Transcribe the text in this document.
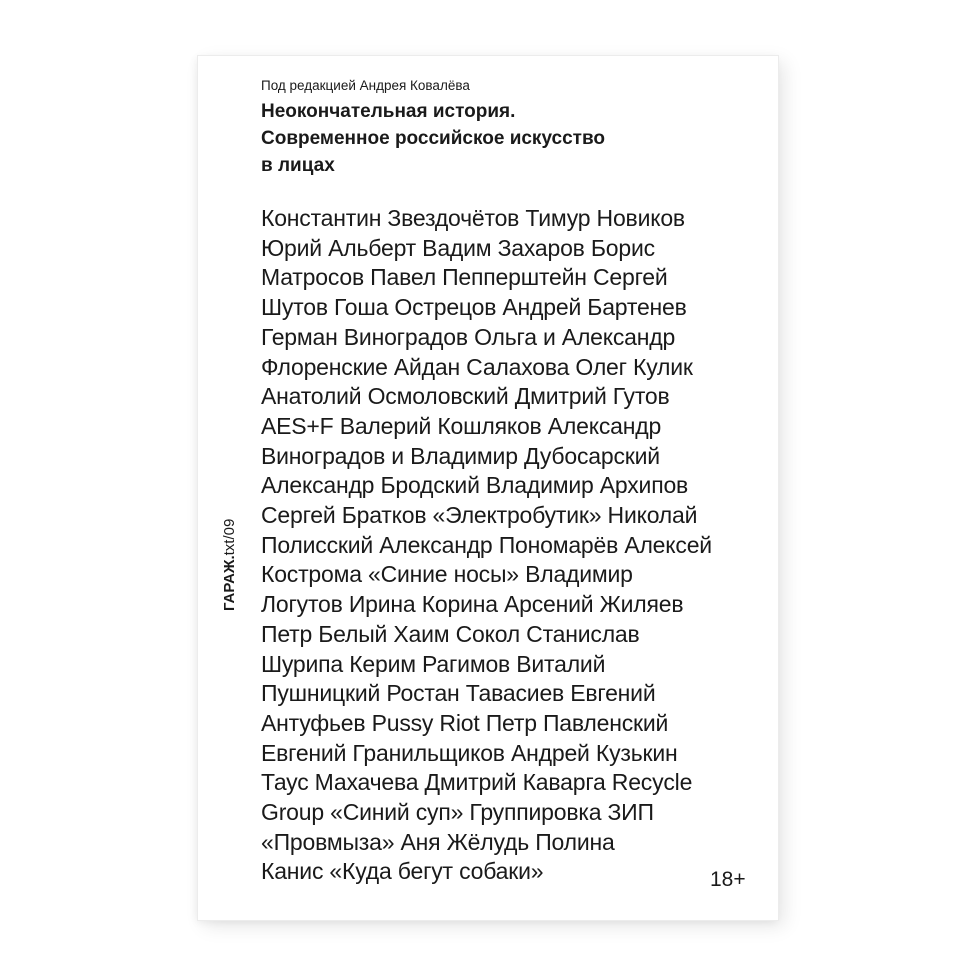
Под редакцией Андрея Ковалёва
Неокончательная история.
Современное российское искусство
в лицах

Константин Звездочётов Тимур Новиков
Юрий Альберт Вадим Захаров Борис
Матросов Павел Пепперштейн Сергей
Шутов Гоша Острецов Андрей Бартенев
Герман Виноградов Ольга и Александр
Флоренские Айдан Салахова Олег Кулик
Анатолий Осмоловский Дмитрий Гутов
AES+F Валерий Кошляков Александр
Виноградов и Владимир Дубосарский
Александр Бродский Владимир Архипов
Сергей Братков «Электробутик» Николай
Полисский Александр Пономарёв Алексей
Кострома «Синие носы» Владимир
Логутов Ирина Корина Арсений Жиляев
Петр Белый Хаим Сокол Станислав
Шурипа Керим Рагимов Виталий
Пушницкий Ростан Тавасиев Евгений
Антуфьев Pussy Riot Петр Павленский
Евгений Гранильщиков Андрей Кузькин
Таус Махачева Дмитрий Каварга Recycle
Group «Синий суп» Группировка ЗИП
«Провмыза» Аня Жёлудь Полина
Канис «Куда бегут собаки»

ГАРАЖ.txt/09
18+
